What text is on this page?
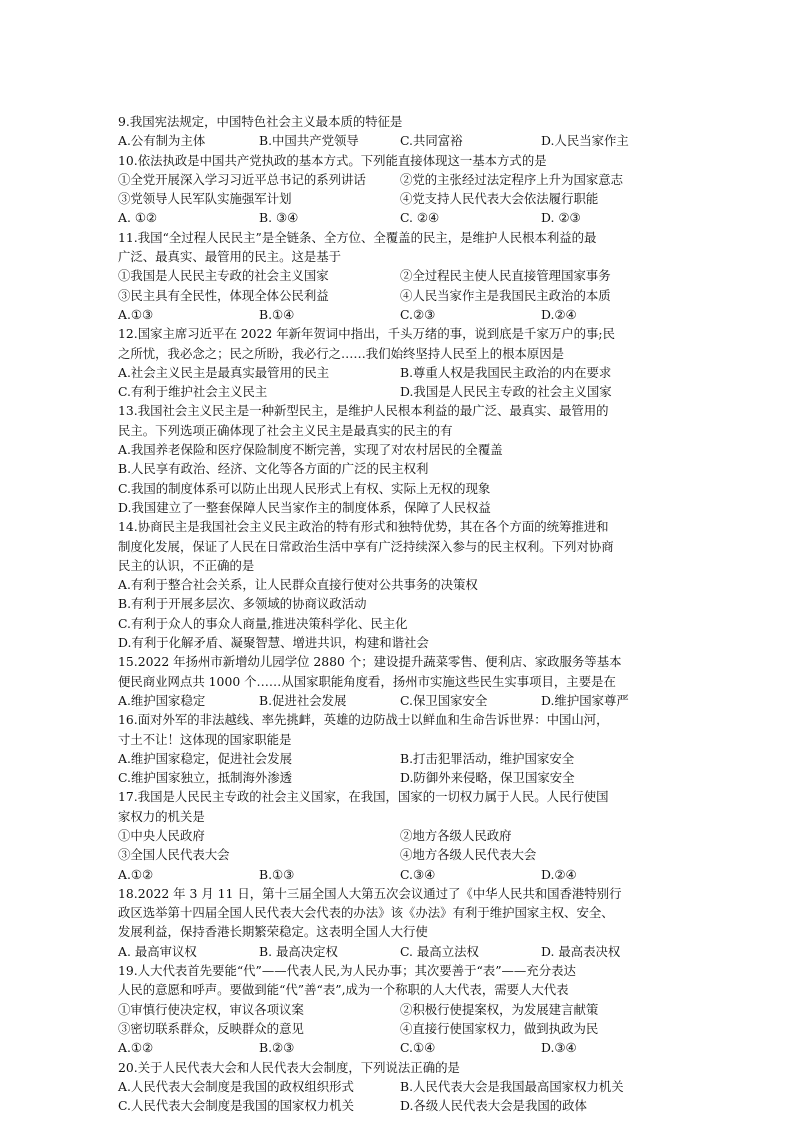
9.我国宪法规定，中国特色社会主义最本质的特征是
A.公有制为主体	B.中国共产党领导	C.共同富裕	D.人民当家作主
10.依法执政是中国共产党执政的基本方式。下列能直接体现这一基本方式的是
①全党开展深入学习习近平总书记的系列讲话	②党的主张经过法定程序上升为国家意志
③党领导人民军队实施强军计划	④党支持人民代表大会依法履行职能
A. ①②	B. ③④	C. ②④	D. ②③
11.我国“全过程人民民主”是全链条、全方位、全覆盖的民主，是维护人民根本利益的最
广泛、最真实、最管用的民主。这是基于
①我国是人民民主专政的社会主义国家	②全过程民主使人民直接管理国家事务
③民主具有全民性，体现全体公民利益	④人民当家作主是我国民主政治的本质
A.①③	B.①④	C.②③	D.②④
12.国家主席习近平在 2022 年新年贺词中指出，千头万绪的事，说到底是千家万户的事;民
之所忧，我必念之；民之所盼，我必行之……我们始终坚持人民至上的根本原因是
A.社会主义民主是最真实最管用的民主	B.尊重人权是我国民主政治的内在要求
C.有利于维护社会主义民主	D.我国是人民民主专政的社会主义国家
13.我国社会主义民主是一种新型民主，是维护人民根本利益的最广泛、最真实、最管用的
民主。下列选项正确体现了社会主义民主是最真实的民主的有
A.我国养老保险和医疗保险制度不断完善，实现了对农村居民的全覆盖
B.人民享有政治、经济、文化等各方面的广泛的民主权利
C.我国的制度体系可以防止出现人民形式上有权、实际上无权的现象
D.我国建立了一整套保障人民当家作主的制度体系，保障了人民权益
14.协商民主是我国社会主义民主政治的特有形式和独特优势，其在各个方面的统筹推进和
制度化发展，保证了人民在日常政治生活中享有广泛持续深入参与的民主权利。下列对协商
民主的认识，不正确的是
A.有利于整合社会关系，让人民群众直接行使对公共事务的决策权
B.有利于开展多层次、多领域的协商议政活动
C.有利于众人的事众人商量,推进决策科学化、民主化
D.有利于化解矛盾、凝聚智慧、增进共识，构建和谐社会
15.2022 年扬州市新增幼儿园学位 2880 个；建设提升蔬菜零售、便利店、家政服务等基本
便民商业网点共 1000 个……从国家职能角度看，扬州市实施这些民生实事项目，主要是在
A.维护国家稳定	B.促进社会发展	C.保卫国家安全	D.维护国家尊严
16.面对外军的非法越线、率先挑衅，英雄的边防战士以鲜血和生命告诉世界：中国山河，
寸土不让！这体现的国家职能是
A.维护国家稳定，促进社会发展	B.打击犯罪活动，维护国家安全
C.维护国家独立，抵制海外渗透	D.防御外来侵略，保卫国家安全
17.我国是人民民主专政的社会主义国家，在我国，国家的一切权力属于人民。人民行使国
家权力的机关是
①中央人民政府	②地方各级人民政府
③全国人民代表大会	④地方各级人民代表大会
A.①②	B.①③	C.③④	D.②④
18.2022 年 3 月 11 日，第十三届全国人大第五次会议通过了《中华人民共和国香港特别行
政区选举第十四届全国人民代表大会代表的办法》该《办法》有利于维护国家主权、安全、
发展利益，保持香港长期繁荣稳定。这表明全国人大行使
A. 最高审议权	B. 最高决定权	C. 最高立法权	D. 最高表决权
19.人大代表首先要能“代”——代表人民,为人民办事；其次要善于“表”——充分表达
人民的意愿和呼声。要做到能“代”善“表”,成为一个称职的人大代表，需要人大代表
①审慎行使决定权，审议各项议案	②积极行使提案权，为发展建言献策
③密切联系群众，反映群众的意见	④直接行使国家权力，做到执政为民
A.①②	B.②③	C.①④	D.③④
20.关于人民代表大会和人民代表大会制度，下列说法正确的是
A.人民代表大会制度是我国的政权组织形式	B.人民代表大会是我国最高国家权力机关
C.人民代表大会制度是我国的国家权力机关	D.各级人民代表大会是我国的政体
